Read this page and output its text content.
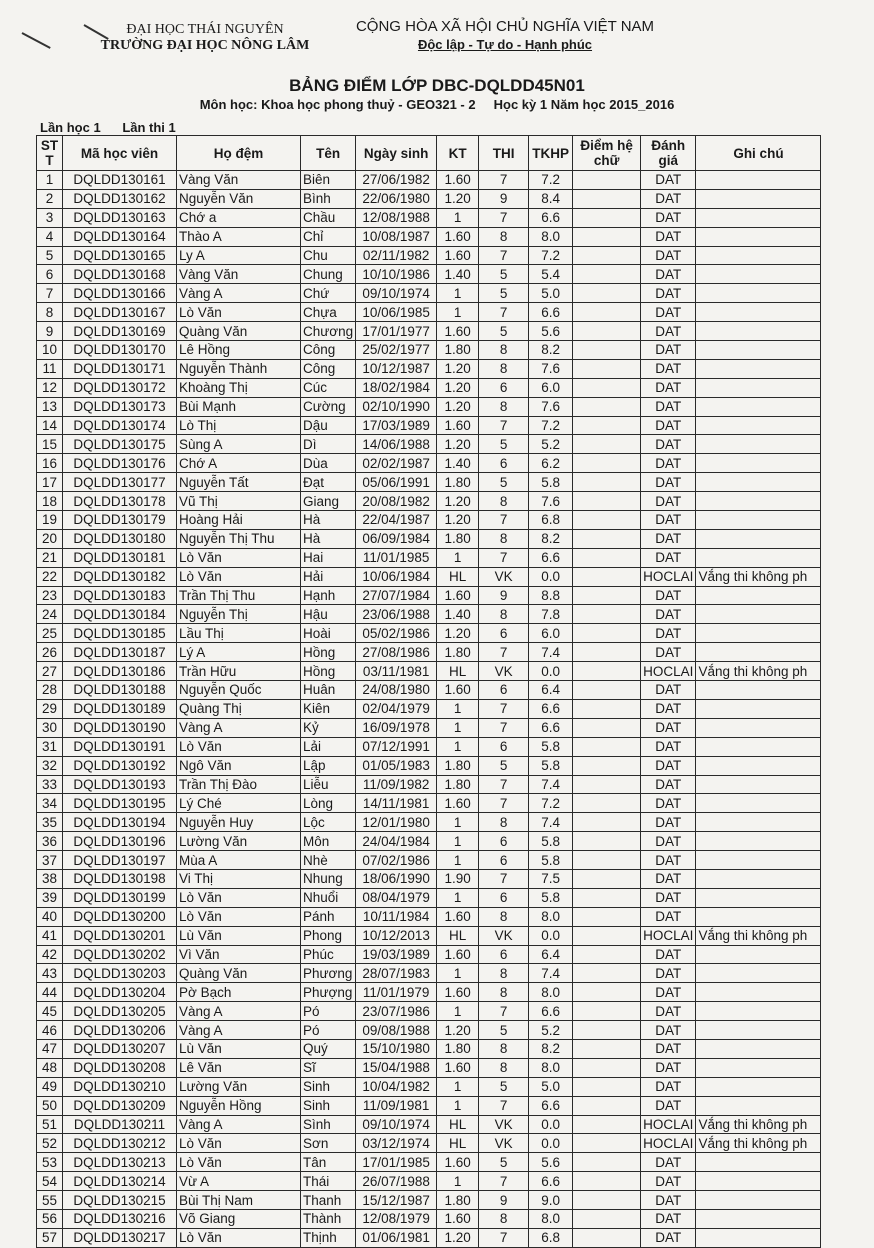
ĐẠI HỌC THÁI NGUYÊN
TRƯỜNG ĐẠI HỌC NÔNG LÂM
CỘNG HÒA XÃ HỘI CHỦ NGHĨA VIỆT NAM
Độc lập - Tự do - Hạnh phúc
BẢNG ĐIỂM LỚP DBC-DQLDD45N01
Môn học: Khoa học phong thuỷ - GEO321 - 2     Học kỳ 1 Năm học 2015_2016
Lần học 1 Lần thi 1
ST T	Mã học viên	Họ đệm	Tên	Ngày sinh	KT	THI	TKHP	Điểm hệ chữ	Đánh giá	Ghi chú
1	DQLDD130161	Vàng Văn	Biên	27/06/1982	1.60	7	7.2		DAT	
2	DQLDD130162	Nguyễn Văn	Bình	22/06/1980	1.20	9	8.4		DAT	
3	DQLDD130163	Chớ a	Chầu	12/08/1988	1	7	6.6		DAT	
4	DQLDD130164	Thào A	Chỉ	10/08/1987	1.60	8	8.0		DAT	
5	DQLDD130165	Ly A	Chu	02/11/1982	1.60	7	7.2		DAT	
6	DQLDD130168	Vàng Văn	Chung	10/10/1986	1.40	5	5.4		DAT	
7	DQLDD130166	Vàng A	Chứ	09/10/1974	1	5	5.0		DAT	
8	DQLDD130167	Lò Văn	Chựa	10/06/1985	1	7	6.6		DAT	
9	DQLDD130169	Quàng Văn	Chương	17/01/1977	1.60	5	5.6		DAT	
10	DQLDD130170	Lê Hồng	Công	25/02/1977	1.80	8	8.2		DAT	
11	DQLDD130171	Nguyễn Thành	Công	10/12/1987	1.20	8	7.6		DAT	
12	DQLDD130172	Khoàng Thị	Cúc	18/02/1984	1.20	6	6.0		DAT	
13	DQLDD130173	Bùi Mạnh	Cường	02/10/1990	1.20	8	7.6		DAT	
14	DQLDD130174	Lò Thị	Dậu	17/03/1989	1.60	7	7.2		DAT	
15	DQLDD130175	Sùng A	Dì	14/06/1988	1.20	5	5.2		DAT	
16	DQLDD130176	Chớ A	Dùa	02/02/1987	1.40	6	6.2		DAT	
17	DQLDD130177	Nguyễn Tất	Đạt	05/06/1991	1.80	5	5.8		DAT	
18	DQLDD130178	Vũ Thị	Giang	20/08/1982	1.20	8	7.6		DAT	
19	DQLDD130179	Hoàng Hải	Hà	22/04/1987	1.20	7	6.8		DAT	
20	DQLDD130180	Nguyễn Thị Thu	Hà	06/09/1984	1.80	8	8.2		DAT	
21	DQLDD130181	Lò Văn	Hai	11/01/1985	1	7	6.6		DAT	
22	DQLDD130182	Lò Văn	Hải	10/06/1984	HL	VK	0.0		HOCLAI	Vắng thi không ph
23	DQLDD130183	Trần Thị Thu	Hạnh	27/07/1984	1.60	9	8.8		DAT	
24	DQLDD130184	Nguyễn Thị	Hậu	23/06/1988	1.40	8	7.8		DAT	
25	DQLDD130185	Lầu Thị	Hoài	05/02/1986	1.20	6	6.0		DAT	
26	DQLDD130187	Lý A	Hồng	27/08/1986	1.80	7	7.4		DAT	
27	DQLDD130186	Trần Hữu	Hồng	03/11/1981	HL	VK	0.0		HOCLAI	Vắng thi không ph
28	DQLDD130188	Nguyễn Quốc	Huân	24/08/1980	1.60	6	6.4		DAT	
29	DQLDD130189	Quàng Thị	Kiên	02/04/1979	1	7	6.6		DAT	
30	DQLDD130190	Vàng A	Kỷ	16/09/1978	1	7	6.6		DAT	
31	DQLDD130191	Lò Văn	Lải	07/12/1991	1	6	5.8		DAT	
32	DQLDD130192	Ngô Văn	Lập	01/05/1983	1.80	5	5.8		DAT	
33	DQLDD130193	Trần Thị Đào	Liễu	11/09/1982	1.80	7	7.4		DAT	
34	DQLDD130195	Lý Ché	Lòng	14/11/1981	1.60	7	7.2		DAT	
35	DQLDD130194	Nguyễn Huy	Lộc	12/01/1980	1	8	7.4		DAT	
36	DQLDD130196	Lường Văn	Môn	24/04/1984	1	6	5.8		DAT	
37	DQLDD130197	Mùa A	Nhè	07/02/1986	1	6	5.8		DAT	
38	DQLDD130198	Vi Thị	Nhung	18/06/1990	1.90	7	7.5		DAT	
39	DQLDD130199	Lò Văn	Nhuổi	08/04/1979	1	6	5.8		DAT	
40	DQLDD130200	Lò Văn	Pánh	10/11/1984	1.60	8	8.0		DAT	
41	DQLDD130201	Lù Văn	Phong	10/12/2013	HL	VK	0.0		HOCLAI	Vắng thi không ph
42	DQLDD130202	Vì Văn	Phúc	19/03/1989	1.60	6	6.4		DAT	
43	DQLDD130203	Quàng Văn	Phương	28/07/1983	1	8	7.4		DAT	
44	DQLDD130204	Pờ Bạch	Phượng	11/01/1979	1.60	8	8.0		DAT	
45	DQLDD130205	Vàng A	Pó	23/07/1986	1	7	6.6		DAT	
46	DQLDD130206	Vàng A	Pó	09/08/1988	1.20	5	5.2		DAT	
47	DQLDD130207	Lù Văn	Quý	15/10/1980	1.80	8	8.2		DAT	
48	DQLDD130208	Lê Văn	Sĩ	15/04/1988	1.60	8	8.0		DAT	
49	DQLDD130210	Lường Văn	Sinh	10/04/1982	1	5	5.0		DAT	
50	DQLDD130209	Nguyễn Hồng	Sinh	11/09/1981	1	7	6.6		DAT	
51	DQLDD130211	Vàng A	Sình	09/10/1974	HL	VK	0.0		HOCLAI	Vắng thi không ph
52	DQLDD130212	Lò Văn	Sơn	03/12/1974	HL	VK	0.0		HOCLAI	Vắng thi không ph
53	DQLDD130213	Lò Văn	Tân	17/01/1985	1.60	5	5.6		DAT	
54	DQLDD130214	Vừ A	Thái	26/07/1988	1	7	6.6		DAT	
55	DQLDD130215	Bùi Thị Nam	Thanh	15/12/1987	1.80	9	9.0		DAT	
56	DQLDD130216	Võ Giang	Thành	12/08/1979	1.60	8	8.0		DAT	
57	DQLDD130217	Lò Văn	Thịnh	01/06/1981	1.20	7	6.8		DAT	
